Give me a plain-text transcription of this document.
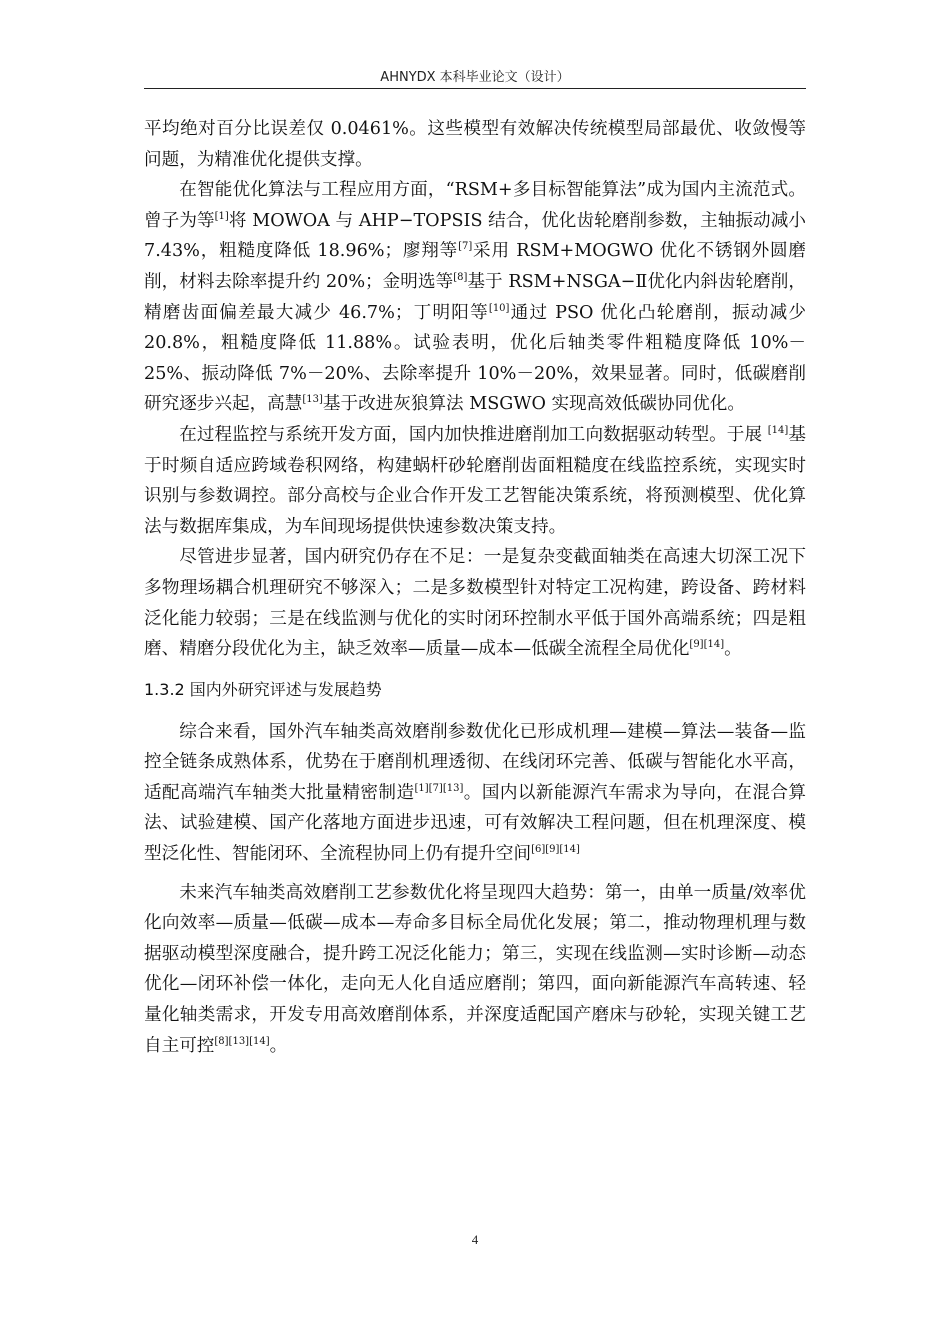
AHNYDX 本科毕业论文（设计）

平均绝对百分比误差仅 0.0461%。这些模型有效解决传统模型局部最优、收敛慢等问题，为精准优化提供支撑。

在智能优化算法与工程应用方面，“RSM+多目标智能算法”成为国内主流范式。曾子为等[1]将 MOWOA 与 AHP−TOPSIS 结合，优化齿轮磨削参数，主轴振动减小 7.43%，粗糙度降低 18.96%；廖翔等[7]采用 RSM+MOGWO 优化不锈钢外圆磨削，材料去除率提升约 20%；金明选等[8]基于 RSM+NSGA−Ⅱ优化内斜齿轮磨削，精磨齿面偏差最大减少 46.7%；丁明阳等[10]通过 PSO 优化凸轮磨削，振动减少 20.8%，粗糙度降低 11.88%。试验表明，优化后轴类零件粗糙度降低 10%－25%、振动降低 7%－20%、去除率提升 10%－20%，效果显著。同时，低碳磨削研究逐步兴起，高慧[13]基于改进灰狼算法 MSGWO 实现高效低碳协同优化。

在过程监控与系统开发方面，国内加快推进磨削加工向数据驱动转型。于展 [14]基于时频自适应跨域卷积网络，构建蜗杆砂轮磨削齿面粗糙度在线监控系统，实现实时识别与参数调控。部分高校与企业合作开发工艺智能决策系统，将预测模型、优化算法与数据库集成，为车间现场提供快速参数决策支持。

尽管进步显著，国内研究仍存在不足：一是复杂变截面轴类在高速大切深工况下多物理场耦合机理研究不够深入；二是多数模型针对特定工况构建，跨设备、跨材料泛化能力较弱；三是在线监测与优化的实时闭环控制水平低于国外高端系统；四是粗磨、精磨分段优化为主，缺乏效率—质量—成本—低碳全流程全局优化[9][14]。

1.3.2 国内外研究评述与发展趋势

综合来看，国外汽车轴类高效磨削参数优化已形成机理—建模—算法—装备—监控全链条成熟体系，优势在于磨削机理透彻、在线闭环完善、低碳与智能化水平高，适配高端汽车轴类大批量精密制造[1][7][13]。国内以新能源汽车需求为导向，在混合算法、试验建模、国产化落地方面进步迅速，可有效解决工程问题，但在机理深度、模型泛化性、智能闭环、全流程协同上仍有提升空间[6][9][14]

未来汽车轴类高效磨削工艺参数优化将呈现四大趋势：第一，由单一质量/效率优化向效率—质量—低碳—成本—寿命多目标全局优化发展；第二，推动物理机理与数据驱动模型深度融合，提升跨工况泛化能力；第三，实现在线监测—实时诊断—动态优化—闭环补偿一体化，走向无人化自适应磨削；第四，面向新能源汽车高转速、轻量化轴类需求，开发专用高效磨削体系，并深度适配国产磨床与砂轮，实现关键工艺自主可控[8][13][14]。

4
